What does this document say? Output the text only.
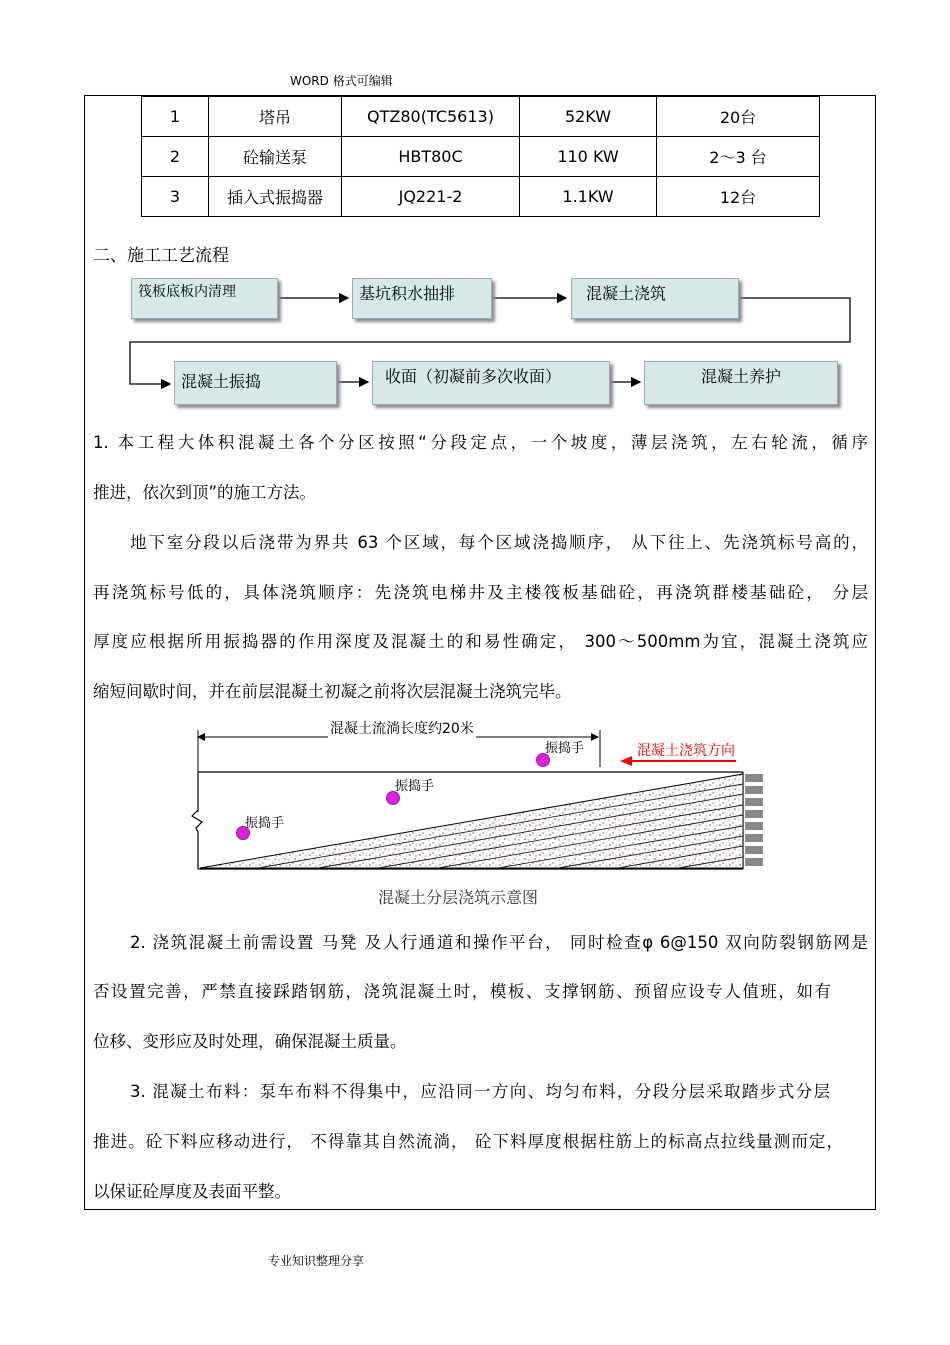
WORD 格式可编辑
1	塔吊	QTZ80(TC5613)	52KW	20台
2	砼输送泵	HBT80C	110 KW	2～3 台
3	插入式振捣器	JQ221-2	1.1KW	12台
二、施工工艺流程
筏板底板内清理	基坑积水抽排	混凝土浇筑
混凝土振捣	收面（初凝前多次收面）	混凝土养护
1. 本工程大体积混凝土各个分区按照“分段定点，一个坡度，薄层浇筑，左右轮流，循序
推进，依次到顶”的施工方法。
地下室分段以后浇带为界共 63 个区域，每个区域浇捣顺序， 从下往上、先浇筑标号高的，
再浇筑标号低的，具体浇筑顺序：先浇筑电梯井及主楼筏板基础砼，再浇筑群楼基础砼， 分层
厚度应根据所用振捣器的作用深度及混凝土的和易性确定， 300～500mm为宜，混凝土浇筑应
缩短间歇时间，并在前层混凝土初凝之前将次层混凝土浇筑完毕。
混凝土流淌长度约20米
混凝土浇筑方向
振捣手
振捣手
振捣手
混凝土分层浇筑示意图
2. 浇筑混凝土前需设置 马凳 及人行通道和操作平台， 同时检查φ 6@150 双向防裂钢筋网是
否设置完善，严禁直接踩踏钢筋，浇筑混凝土时，模板、支撑钢筋、预留应设专人值班，如有
位移、变形应及时处理，确保混凝土质量。
3. 混凝土布料：泵车布料不得集中，应沿同一方向、均匀布料，分段分层采取踏步式分层
推进。砼下料应移动进行， 不得靠其自然流淌， 砼下料厚度根据柱筋上的标高点拉线量测而定，
以保证砼厚度及表面平整。
专业知识整理分享
